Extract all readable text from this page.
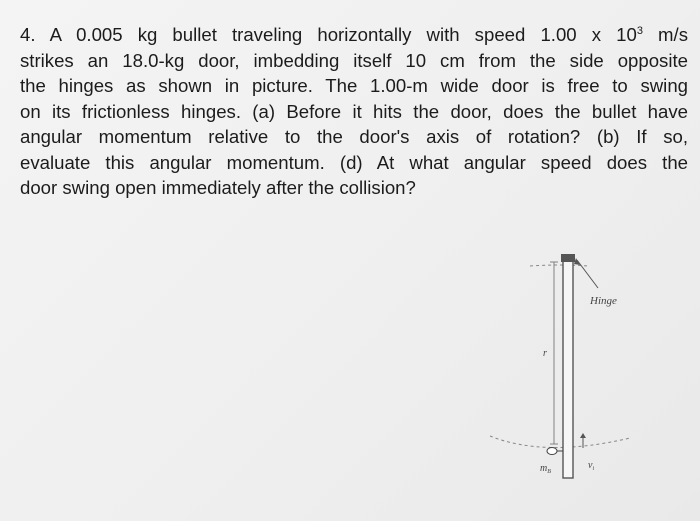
4. A 0.005 kg bullet traveling horizontally with speed 1.00 x $10^3$ m/s
strikes an 18.0-kg door, imbedding itself 10 cm from the side opposite
the hinges as shown in picture. The 1.00-m wide door is free to swing
on its frictionless hinges. (a) Before it hits the door, does the bullet have
angular momentum relative to the door's axis of rotation? (b) If so,
evaluate this angular momentum. (d) At what angular speed does the
door swing open immediately after the collision?
Hinge
r
$m_B$
$v_i$
